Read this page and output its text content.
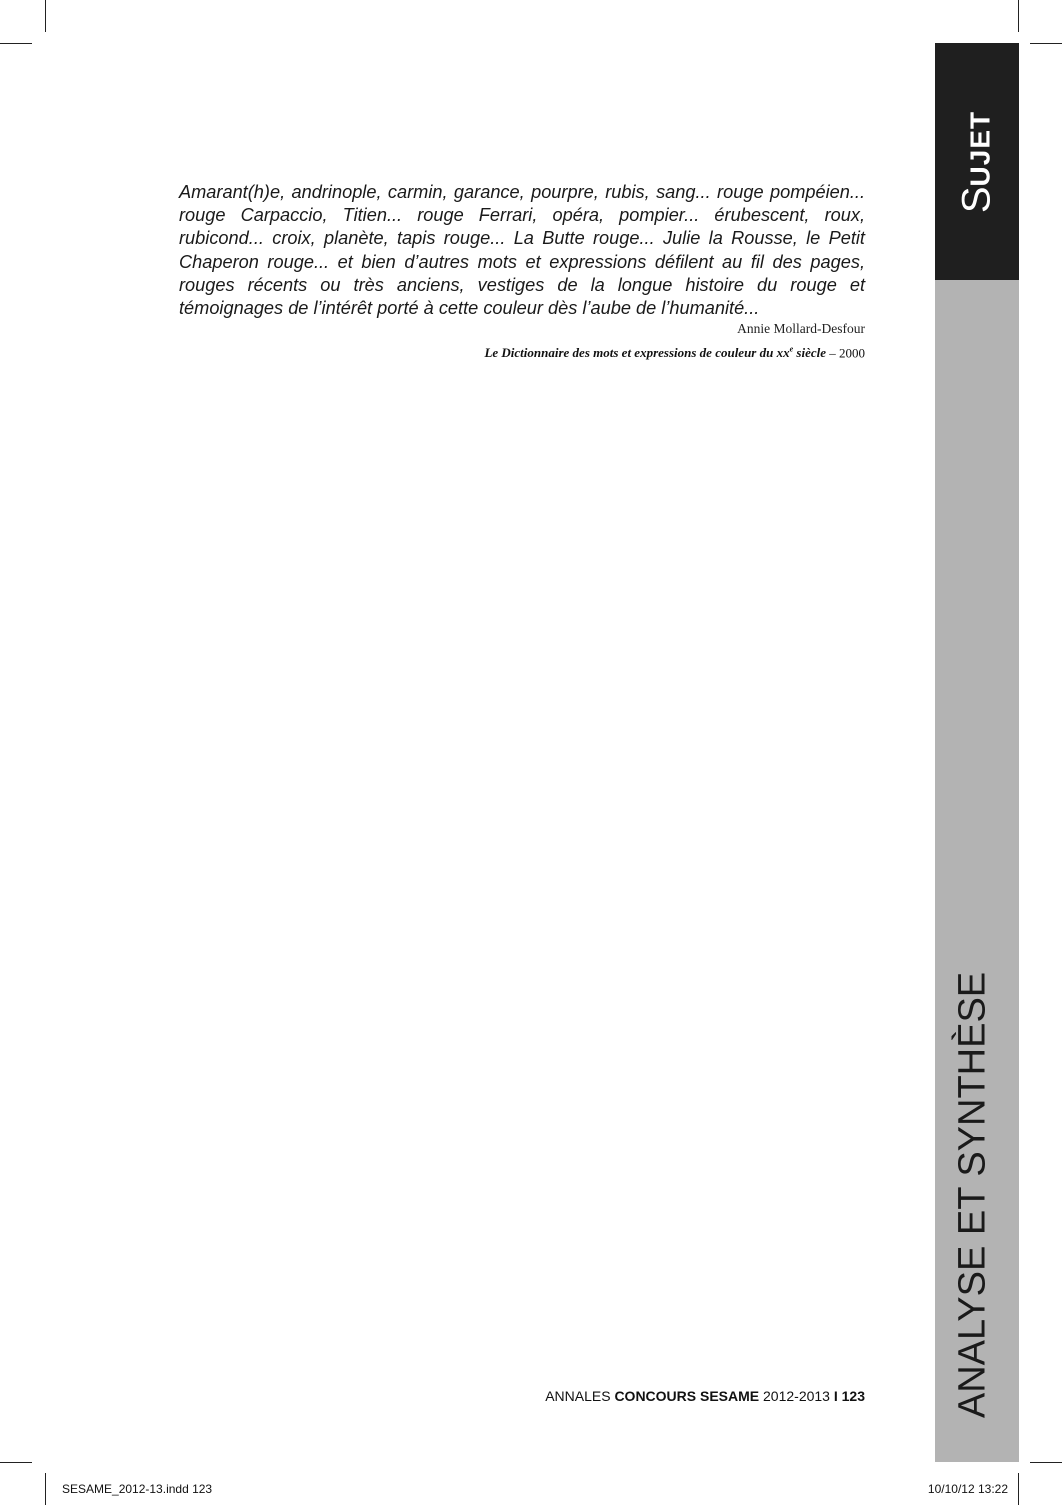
SUJET
ANALYSE ET SYNTHÈSE

Amarant(h)e, andrinople, carmin, garance, pourpre, rubis, sang... rouge pompéien... rouge Carpaccio, Titien... rouge Ferrari, opéra, pompier... érubescent, roux, rubicond... croix, planète, tapis rouge... La Butte rouge... Julie la Rousse, le Petit Chaperon rouge... et bien d’autres mots et expressions défilent au fil des pages, rouges récents ou très anciens, vestiges de la longue histoire du rouge et témoignages de l’intérêt porté à cette couleur dès l’aube de l’humanité...

Annie Mollard-Desfour
Le Dictionnaire des mots et expressions de couleur du $xx^e$ siècle – 2000
ANNALES CONCOURS SESAME 2012-2013 I 123
SESAME_2012-13.indd 123	10/10/12 13:22
